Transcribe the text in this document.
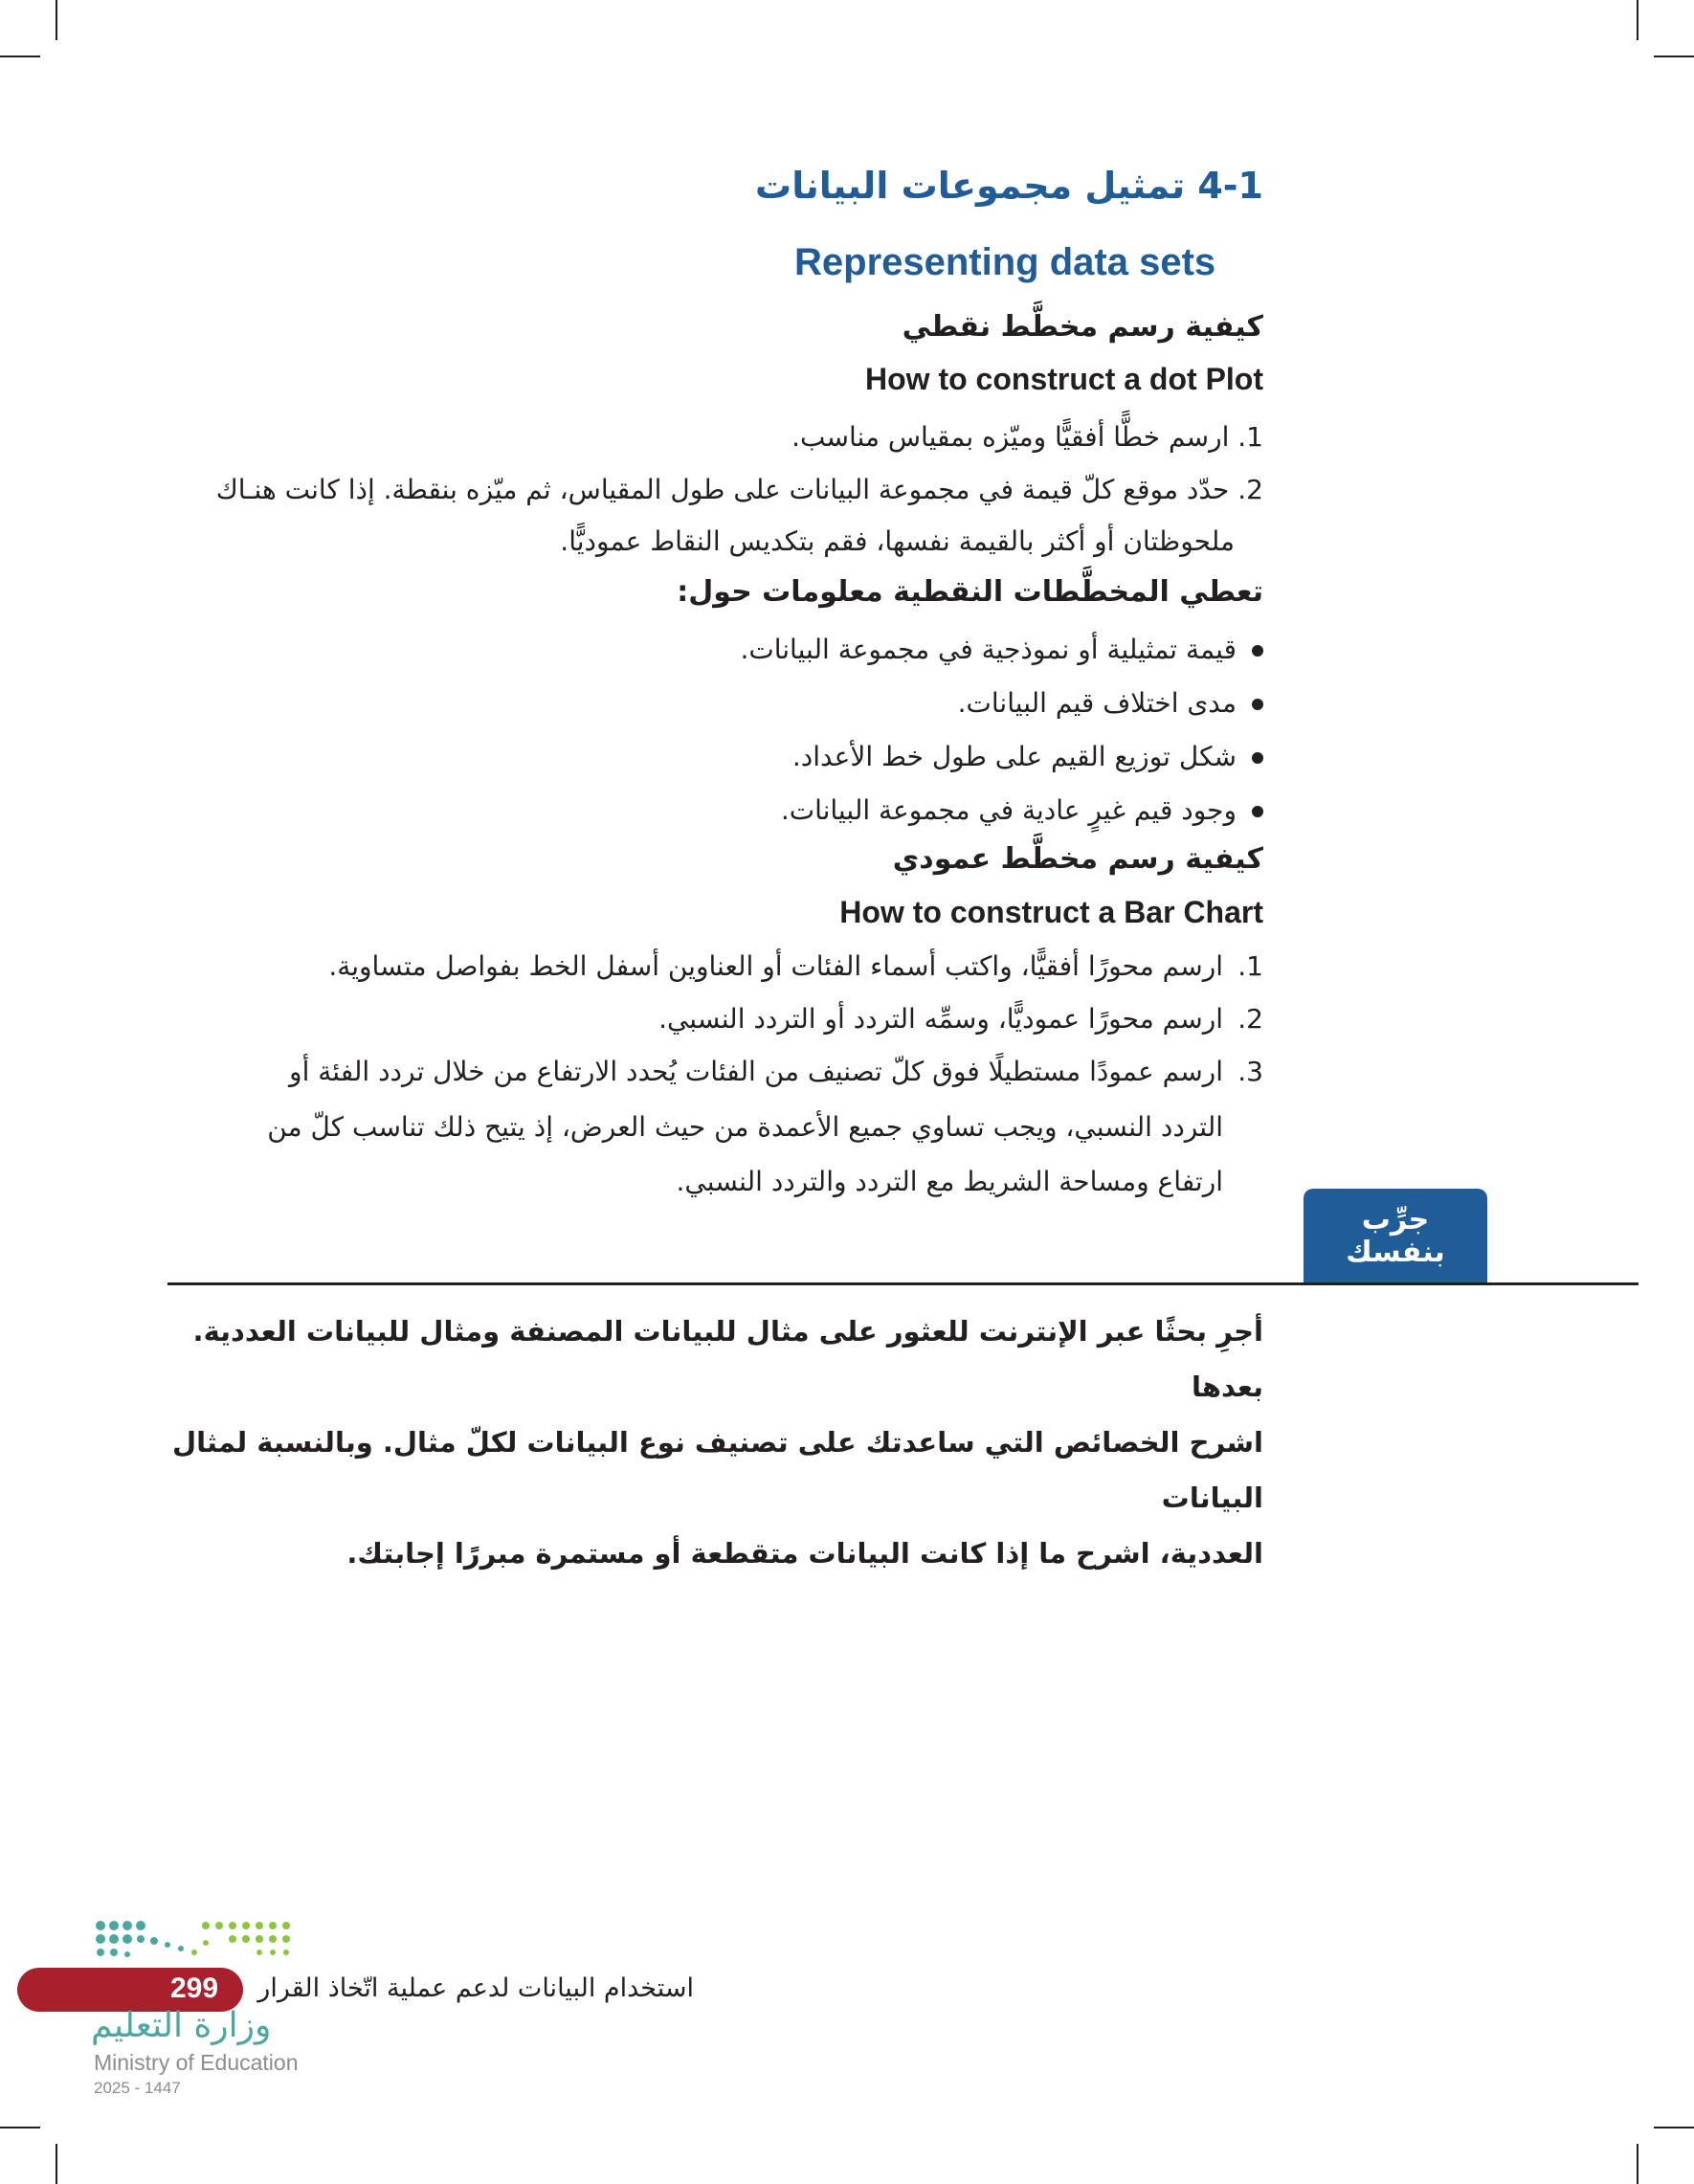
4-1 تمثيل مجموعات البيانات
Representing data sets
كيفية رسم مخطَّط نقطي
How to construct a dot Plot
1. ارسم خطًّا أفقيًّا وميّزه بمقياس مناسب.
2. حدّد موقع كلّ قيمة في مجموعة البيانات على طول المقياس، ثم ميّزه بنقطة. إذا كانت هنـاك
ملحوظتان أو أكثر بالقيمة نفسها، فقم بتكديس النقاط عموديًّا.
تعطي المخطَّطات النقطية معلومات حول:
قيمة تمثيلية أو نموذجية في مجموعة البيانات.
مدى اختلاف قيم البيانات.
شكل توزيع القيم على طول خط الأعداد.
وجود قيم غيرٍ عادية في مجموعة البيانات.
كيفية رسم مخطَّط عمودي
How to construct a Bar Chart
1.ارسم محورًا أفقيًّا، واكتب أسماء الفئات أو العناوين أسفل الخط بفواصل متساوية.
2.ارسم محورًا عموديًّا، وسمِّه التردد أو التردد النسبي.
3.ارسم عمودًا مستطيلًا فوق كلّ تصنيف من الفئات يُحدد الارتفاع من خلال تردد الفئة أو
التردد النسبي، ويجب تساوي جميع الأعمدة من حيث العرض، إذ يتيح ذلك تناسب كلّ من
ارتفاع ومساحة الشريط مع التردد والتردد النسبي.
جرِّب
بنفسك
أجرِ بحثًا عبر الإنترنت للعثور على مثال للبيانات المصنفة ومثال للبيانات العددية. بعدها
اشرح الخصائص التي ساعدتك على تصنيف نوع البيانات لكلّ مثال. وبالنسبة لمثال البيانات
العددية، اشرح ما إذا كانت البيانات متقطعة أو مستمرة مبررًا إجابتك.
299	استخدام البيانات لدعم عملية اتّخاذ القرار
وزارة التعليم
Ministry of Education
2025 - 1447
